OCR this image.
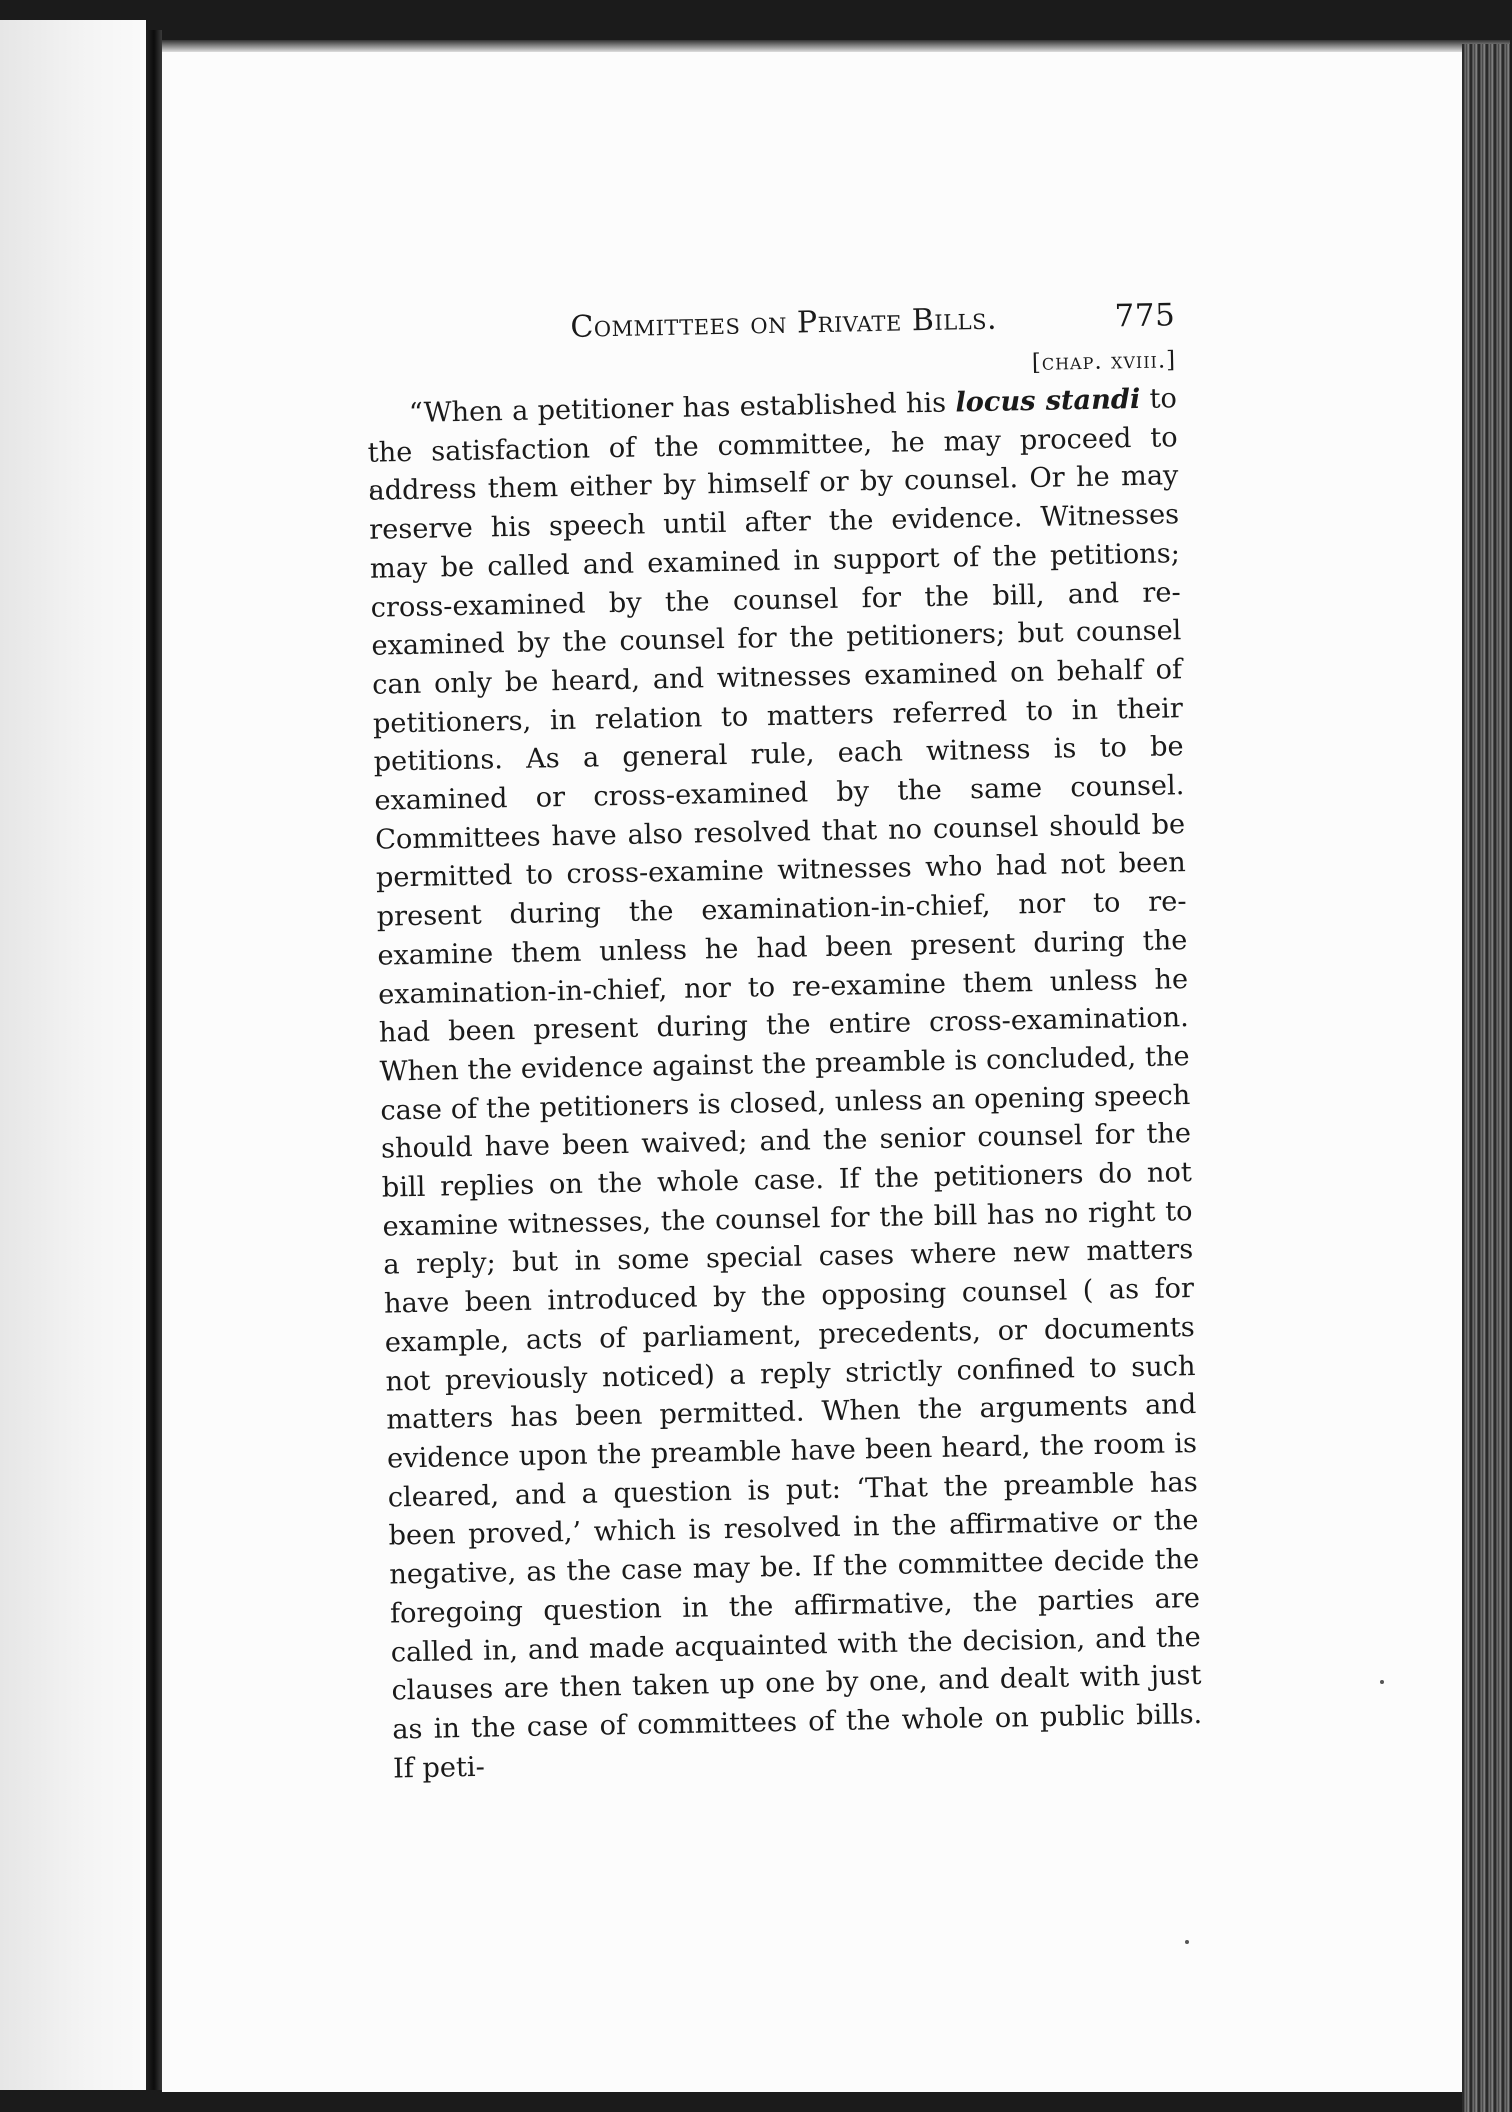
Committees on Private Bills.	775
[chap. xviii.]

“When a petitioner has established his locus standi to the satisfaction of the committee, he may proceed to address them either by himself or by counsel. Or he may reserve his speech until after the evidence. Witnesses may be called and examined in support of the petitions; cross-examined by the counsel for the bill, and re-examined by the counsel for the petitioners; but counsel can only be heard, and witnesses examined on behalf of petitioners, in relation to matters referred to in their petitions. As a general rule, each witness is to be examined or cross-examined by the same counsel. Committees have also resolved that no counsel should be permitted to cross-examine witnesses who had not been present during the examination-in-chief, nor to re-examine them unless he had been present during the examination-in-chief, nor to re-examine them unless he had been present during the entire cross-examination. When the evidence against the preamble is concluded, the case of the petitioners is closed, unless an opening speech should have been waived; and the senior counsel for the bill replies on the whole case. If the petitioners do not examine witnesses, the counsel for the bill has no right to a reply; but in some special cases where new matters have been introduced by the opposing counsel ( as for example, acts of parliament, precedents, or documents not previously noticed) a reply strictly confined to such matters has been permitted. When the arguments and evidence upon the preamble have been heard, the room is cleared, and a question is put: ‘That the preamble has been proved,’ which is resolved in the affirmative or the negative, as the case may be. If the committee decide the foregoing question in the affirmative, the parties are called in, and made acquainted with the decision, and the clauses are then taken up one by one, and dealt with just as in the case of committees of the whole on public bills. If peti-
